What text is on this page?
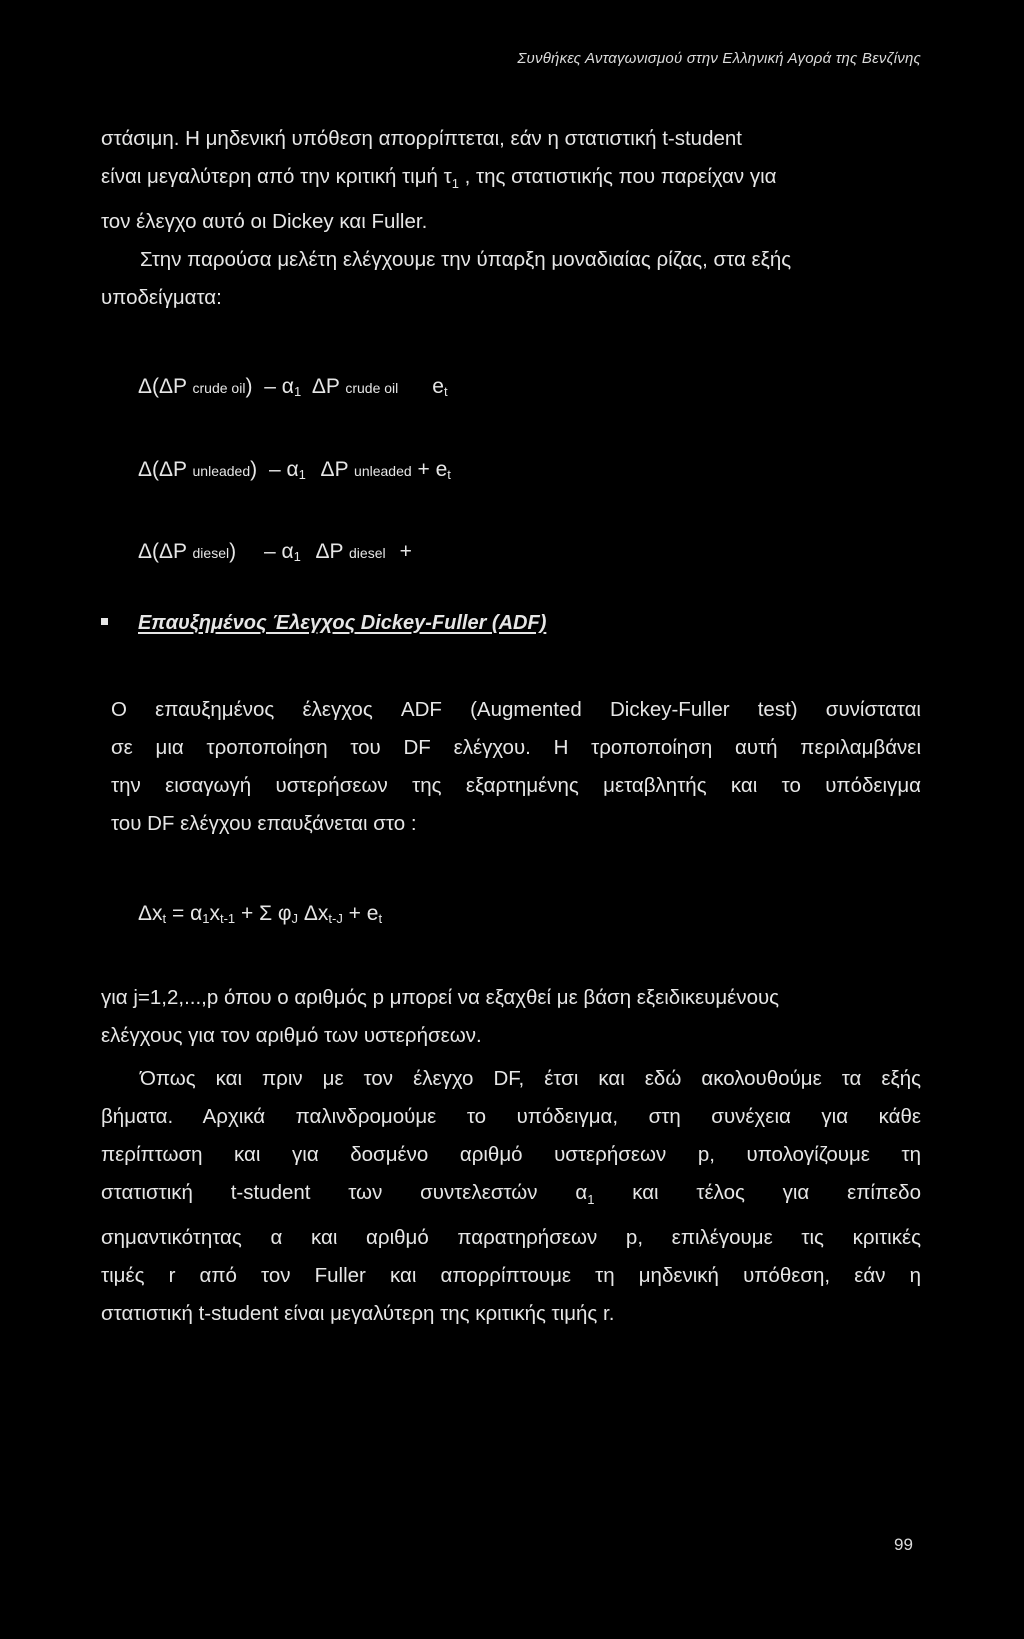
Συνθήκες Ανταγωνισμού στην Ελληνική Αγορά της Βενζίνης
στάσιμη. Η μηδενική υπόθεση απορρίπτεται, εάν η στατιστική t-student
είναι μεγαλύτερη από την κριτική τιμή $\tau_1$ , της στατιστικής που παρείχαν για
τον έλεγχο αυτό οι Dickey και Fuller.
Στην παρούσα μελέτη ελέγχουμε την ύπαρξη μοναδιαίας ρίζας, στα εξής
υποδείγματα:
Δ(ΔP crude $oil) - \alpha_1$ ΔP crude oil $e_t$
Δ(ΔP unleaded) – $\alpha_1$ ΔP unleaded + $e_t$
Δ(ΔP diesel) – $\alpha_1$ ΔP diesel +
Επαυξημένος Έλεγχος Dickey-Fuller (ADF)
Ο επαυξημένος έλεγχος ADF (Augmented Dickey-Fuller test) συνίσταται
σε μια τροποποίηση του DF ελέγχου. Η τροποποίηση αυτή περιλαμβάνει
την εισαγωγή υστερήσεων της εξαρτημένης μεταβλητής και το υπόδειγμα
του DF ελέγχου επαυξάνεται στο :
$\Delta x_t = \alpha_1x_{t-1} + \Sigma$ $\varphi_J$ $\Delta x_{t-J} + e_t$
για j=1,2,...,p όπου ο αριθμός p μπορεί να εξαχθεί με βάση εξειδικευμένους
ελέγχους για τον αριθμό των υστερήσεων.
Όπως και πριν με τον έλεγχο DF, έτσι και εδώ ακολουθούμε τα εξής
βήματα. Αρχικά παλινδρομούμε το υπόδειγμα, στη συνέχεια για κάθε
περίπτωση και για δοσμένο αριθμό υστερήσεων p, υπολογίζουμε τη
στατιστική t-student των συντελεστών $\alpha_1$ και τέλος για επίπεδο
σημαντικότητας α και αριθμό παρατηρήσεων p, επιλέγουμε τις κριτικές
τιμές r από τον Fuller και απορρίπτουμε τη μηδενική υπόθεση, εάν η
στατιστική t-student είναι μεγαλύτερη της κριτικής τιμής r.
99
